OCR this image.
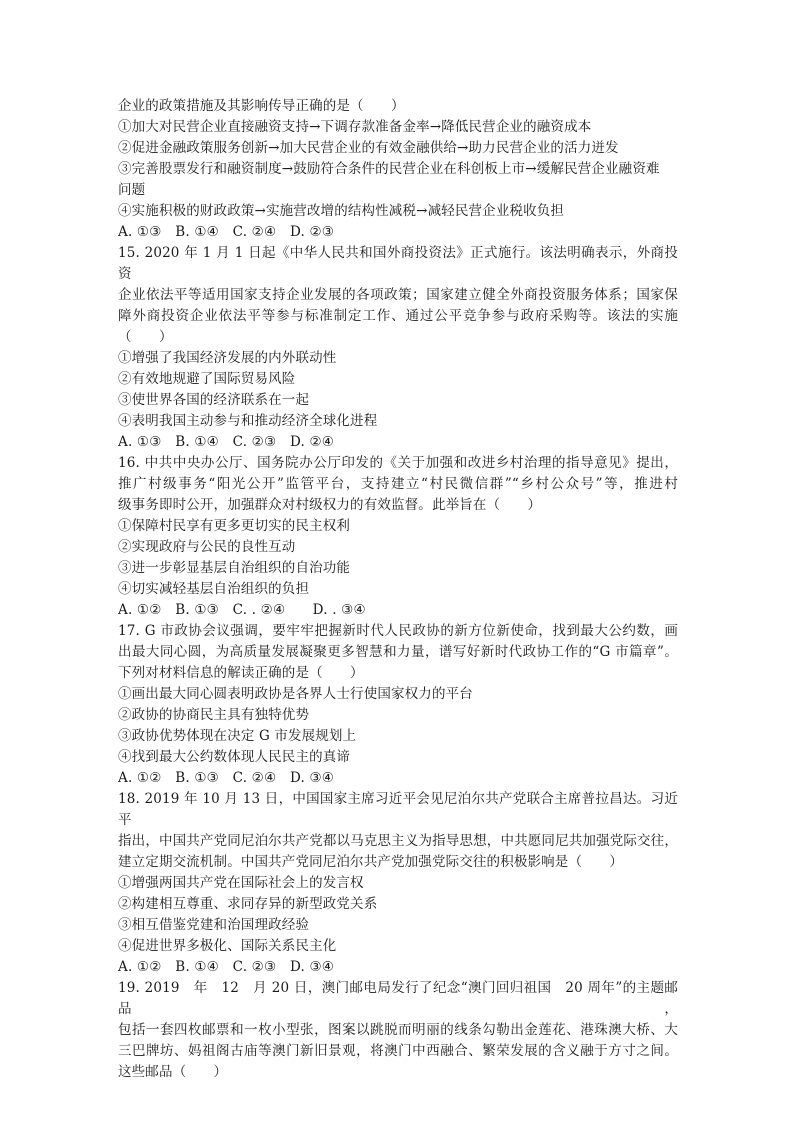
企业的政策措施及其影响传导正确的是（　　）
①加大对民营企业直接融资支持→下调存款准备金率→降低民营企业的融资成本
②促进金融政策服务创新→加大民营企业的有效金融供给→助力民营企业的活力迸发
③完善股票发行和融资制度→鼓励符合条件的民营企业在科创板上市→缓解民营企业融资难
问题
④实施积极的财政政策→实施营改增的结构性减税→减轻民营企业税收负担
A. ①③　B. ①④　C. ②④　D. ②③
15. 2020 年 1 月 1 日起《中华人民共和国外商投资法》正式施行。该法明确表示，外商投资
企业依法平等适用国家支持企业发展的各项政策；国家建立健全外商投资服务体系；国家保
障外商投资企业依法平等参与标准制定工作、通过公平竞争参与政府采购等。该法的实施
（　　）
①增强了我国经济发展的内外联动性
②有效地规避了国际贸易风险
③使世界各国的经济联系在一起
④表明我国主动参与和推动经济全球化进程
A. ①③　B. ①④　C. ②③　D. ②④
16. 中共中央办公厅、国务院办公厅印发的《关于加强和改进乡村治理的指导意见》提出，
推广村级事务“阳光公开”监管平台，支持建立“村民微信群”“乡村公众号”等，推进村
级事务即时公开，加强群众对村级权力的有效监督。此举旨在（　　）
①保障村民享有更多更切实的民主权利
②实现政府与公民的良性互动
③进一步彰显基层自治组织的自治功能
④切实减轻基层自治组织的负担
A. ①②　B. ①③　C. . ②④　　D. . ③④
17. G 市政协会议强调，要牢牢把握新时代人民政协的新方位新使命，找到最大公约数，画
出最大同心圆，为高质量发展凝聚更多智慧和力量，谱写好新时代政协工作的“G 市篇章”。
下列对材料信息的解读正确的是（　　）
①画出最大同心圆表明政协是各界人士行使国家权力的平台
②政协的协商民主具有独特优势
③政协优势体现在决定 G 市发展规划上
④找到最大公约数体现人民民主的真谛
A. ①②　B. ①③　C. ②④　D. ③④
18. 2019 年 10 月 13 日，中国国家主席习近平会见尼泊尔共产党联合主席普拉昌达。习近平
指出，中国共产党同尼泊尔共产党都以马克思主义为指导思想，中共愿同尼共加强党际交往，
建立定期交流机制。中国共产党同尼泊尔共产党加强党际交往的积极影响是（　　）
①增强两国共产党在国际社会上的发言权
②构建相互尊重、求同存异的新型政党关系
③相互借鉴党建和治国理政经验
④促进世界多极化、国际关系民主化
A. ①②　B. ①④　C. ②③　D. ③④
19. 2019　年　12　月 20 日，澳门邮电局发行了纪念“澳门回归祖国　20 周年”的主题邮品，
包括一套四枚邮票和一枚小型张，图案以跳脱而明丽的线条勾勒出金莲花、港珠澳大桥、大
三巴牌坊、妈祖阁古庙等澳门新旧景观，将澳门中西融合、繁荣发展的含义融于方寸之间。
这些邮品（　　）
